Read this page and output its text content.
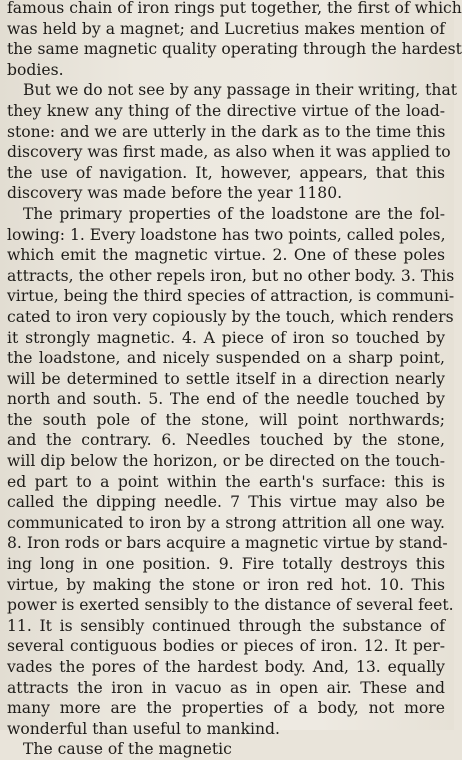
famous chain of iron rings put together, the first of which
was held by a magnet; and Lucretius makes mention of
the same magnetic quality operating through the hardest
bodies.
But we do not see by any passage in their writing, that
they knew any thing of the directive virtue of the load-
stone: and we are utterly in the dark as to the time this
discovery was first made, as also when it was applied to
the use of navigation. It, however, appears, that this
discovery was made before the year 1180.
The primary properties of the loadstone are the fol-
lowing: 1. Every loadstone has two points, called poles,
which emit the magnetic virtue. 2. One of these poles
attracts, the other repels iron, but no other body. 3. This
virtue, being the third species of attraction, is communi-
cated to iron very copiously by the touch, which renders
it strongly magnetic. 4. A piece of iron so touched by
the loadstone, and nicely suspended on a sharp point,
will be determined to settle itself in a direction nearly
north and south. 5. The end of the needle touched by
the south pole of the stone, will point northwards;
and the contrary. 6. Needles touched by the stone,
will dip below the horizon, or be directed on the touch-
ed part to a point within the earth's surface: this is
called the dipping needle. 7 This virtue may also be
communicated to iron by a strong attrition all one way.
8. Iron rods or bars acquire a magnetic virtue by stand-
ing long in one position. 9. Fire totally destroys this
virtue, by making the stone or iron red hot. 10. This
power is exerted sensibly to the distance of several feet.
11. It is sensibly continued through the substance of
several contiguous bodies or pieces of iron. 12. It per-
vades the pores of the hardest body. And, 13. equally
attracts the iron in vacuo as in open air. These and
many more are the properties of a body, not more
wonderful than useful to mankind.
The cause of the magnetic
